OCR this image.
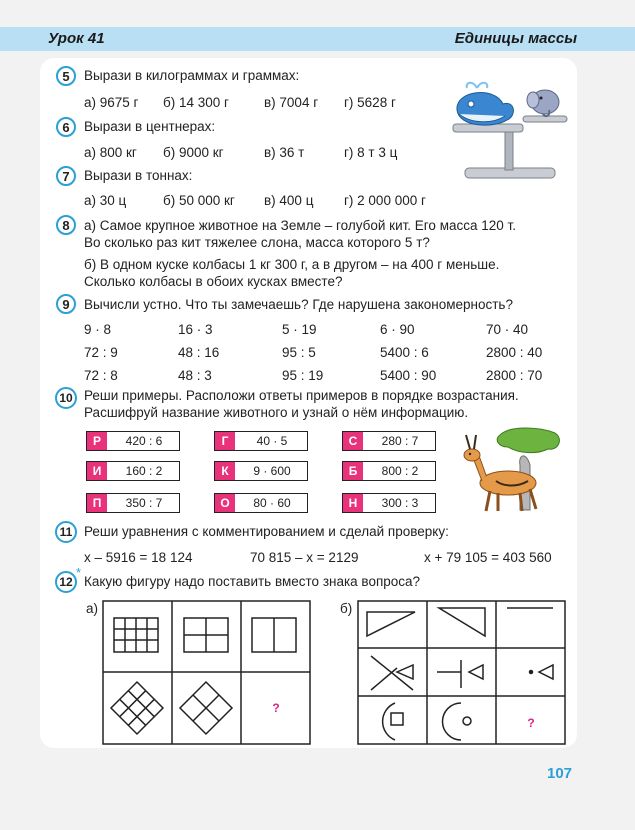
Урок 41	Единицы массы
5	Вырази в килограммах и граммах:
а) 9675 г б) 14 300 г	в) 7004 г г) 5628 г
6	Вырази в центнерах:
а) 800 кг б) 9000 кг	в) 36 т	г) 8 т 3 ц
7	Вырази в тоннах:
а) 30 ц	б) 50 000 кг в) 400 ц г) 2 000 000 г
8	а) Самое крупное животное на Земле – голубой кит. Его масса 120 т.
Во сколько раз кит тяжелее слона, масса которого 5 т?
б) В одном куске колбасы 1 кг 300 г, а в другом – на 400 г меньше.
Сколько колбасы в обоих кусках вместе?
9	Вычисли устно. Что ты замечаешь? Где нарушена закономерность?
9 · 8	16 · 3	5 · 19	6 · 90	70 · 40
72 : 9	48 : 16	95 : 5	5400 : 6	2800 : 40
72 : 8	48 : 3	95 : 19	5400 : 90	2800 : 70
10 Реши примеры. Расположи ответы примеров в порядке возрастания.
Расшифруй название животного и узнай о нём информацию.
Р	420 : 6	Г	40 · 5	С	280 : 7
И	160 : 2	К	9 · 600	Б	800 : 2
П	350 : 7	О	80 · 60	Н	300 : 3
11 Реши уравнения с комментированием и сделай проверку:
x – 5916 = 18 124	70 815 – x = 2129	x + 79 105 = 403 560
*
12 Какую фигуру надо поставить вместо знака вопроса?
а)	б)
?
?
107
